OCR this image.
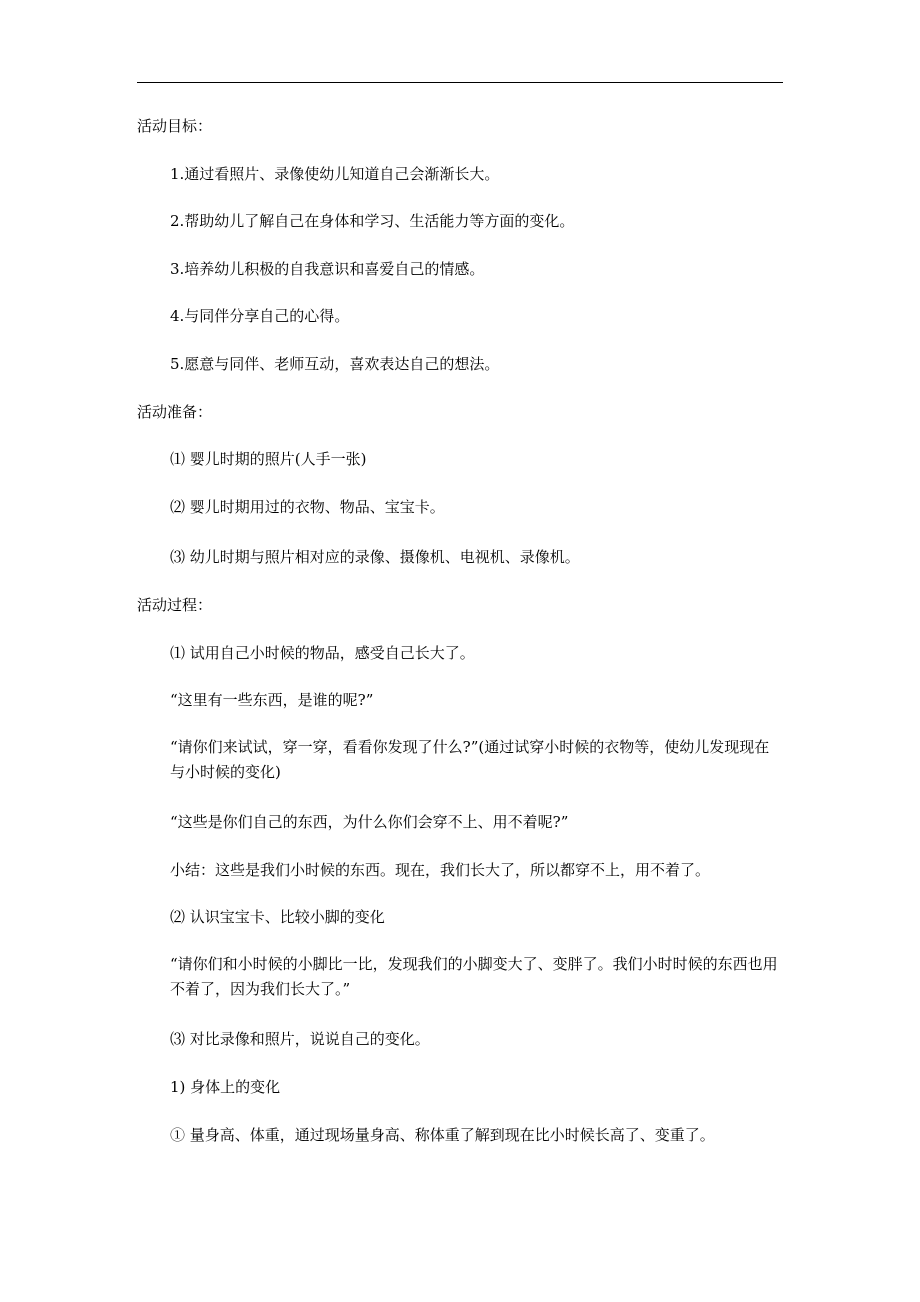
活动目标：

1.通过看照片、录像使幼儿知道自己会渐渐长大。

2.帮助幼儿了解自己在身体和学习、生活能力等方面的变化。

3.培养幼儿积极的自我意识和喜爱自己的情感。

4.与同伴分享自己的心得。

5.愿意与同伴、老师互动，喜欢表达自己的想法。

活动准备：

⑴ 婴儿时期的照片(人手一张)

⑵ 婴儿时期用过的衣物、物品、宝宝卡。

⑶ 幼儿时期与照片相对应的录像、摄像机、电视机、录像机。

活动过程：

⑴ 试用自己小时候的物品，感受自己长大了。

“这里有一些东西，是谁的呢?”

“请你们来试试，穿一穿，看看你发现了什么?”(通过试穿小时候的衣物等，使幼儿发现现在与小时候的变化)

“这些是你们自己的东西，为什么你们会穿不上、用不着呢?”

小结：这些是我们小时候的东西。现在，我们长大了，所以都穿不上，用不着了。

⑵ 认识宝宝卡、比较小脚的变化

“请你们和小时候的小脚比一比，发现我们的小脚变大了、变胖了。我们小时时候的东西也用不着了，因为我们长大了。”

⑶ 对比录像和照片，说说自己的变化。

1) 身体上的变化

① 量身高、体重，通过现场量身高、称体重了解到现在比小时候长高了、变重了。
